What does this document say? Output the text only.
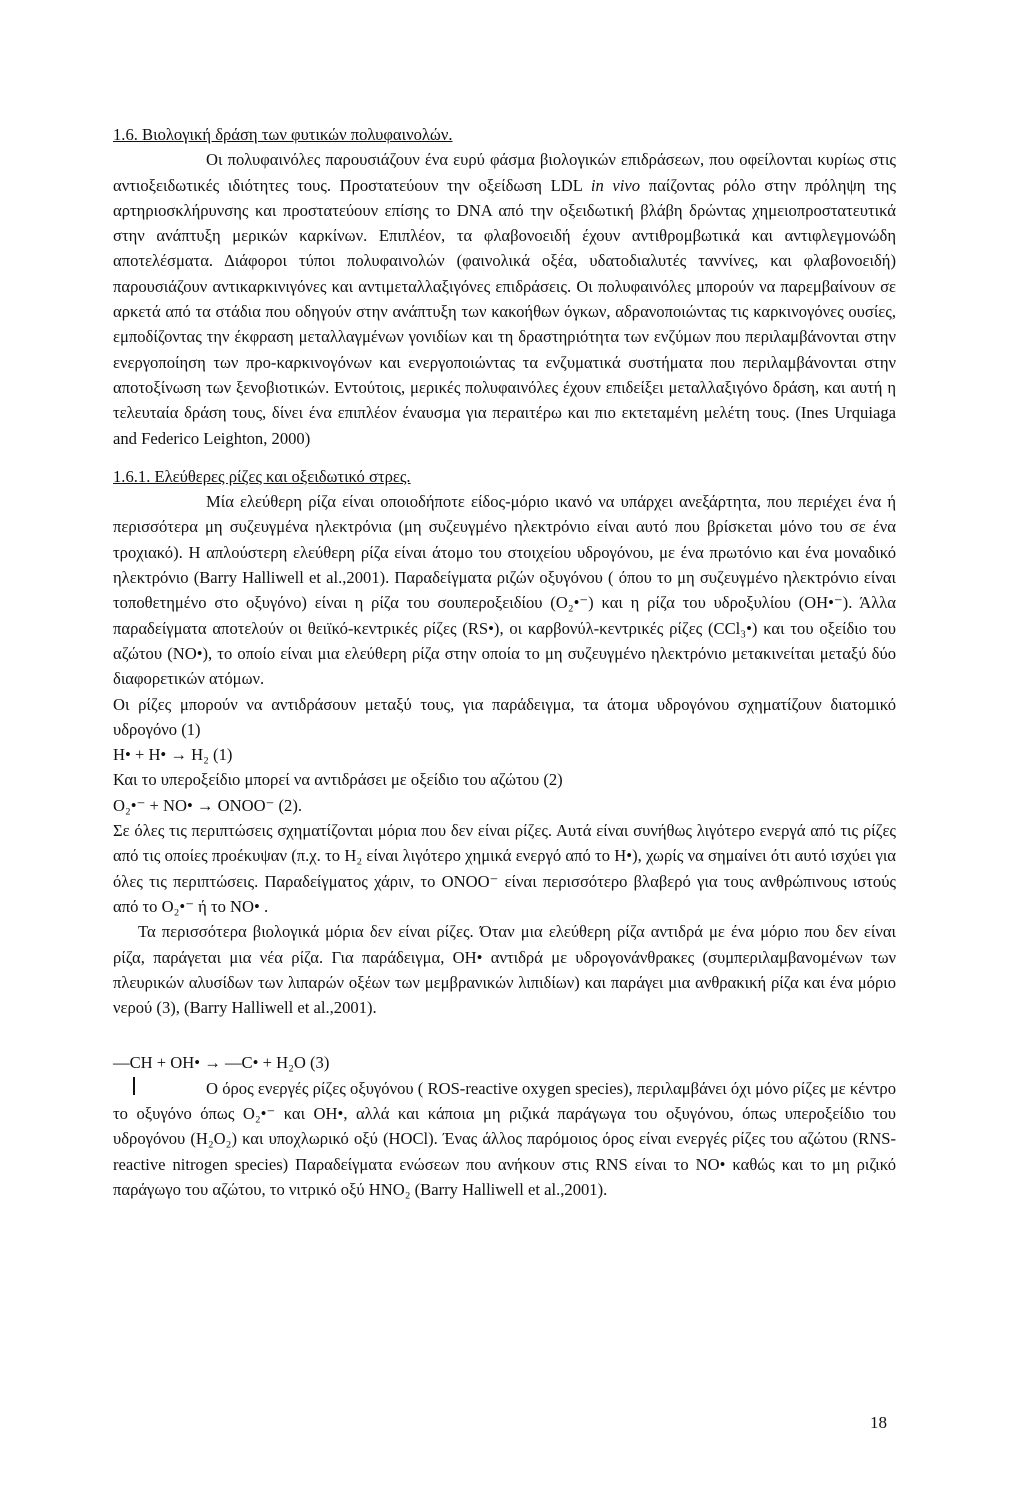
1.6. Βιολογική δράση των φυτικών πολυφαινολών.

Οι πολυφαινόλες παρουσιάζουν ένα ευρύ φάσμα βιολογικών επιδράσεων, που οφείλονται κυρίως στις αντιοξειδωτικές ιδιότητες τους. Προστατεύουν την οξείδωση LDL in vivo παίζοντας ρόλο στην πρόληψη της αρτηριοσκλήρυνσης και προστατεύουν επίσης το DNA από την οξειδωτική βλάβη δρώντας χημειοπροστατευτικά στην ανάπτυξη μερικών καρκίνων. Επιπλέον, τα φλαβονοειδή έχουν αντιθρομβωτικά και αντιφλεγμονώδη αποτελέσματα. Διάφοροι τύποι πολυφαινολών (φαινολικά οξέα, υδατοδιαλυτές ταννίνες, και φλαβονοειδή) παρουσιάζουν αντικαρκινιγόνες και αντιμεταλλαξιγόνες επιδράσεις. Οι πολυφαινόλες μπορούν να παρεμβαίνουν σε αρκετά από τα στάδια που οδηγούν στην ανάπτυξη των κακοήθων όγκων, αδρανοποιώντας τις καρκινογόνες ουσίες, εμποδίζοντας την έκφραση μεταλλαγμένων γονιδίων και τη δραστηριότητα των ενζύμων που περιλαμβάνονται στην ενεργοποίηση των προ-καρκινογόνων και ενεργοποιώντας τα ενζυματικά συστήματα που περιλαμβάνονται στην αποτοξίνωση των ξενοβιοτικών. Εντούτοις, μερικές πολυφαινόλες έχουν επιδείξει μεταλλαξιγόνο δράση, και αυτή η τελευταία δράση τους, δίνει ένα επιπλέον έναυσμα για περαιτέρω και πιο εκτεταμένη μελέτη τους. (Ines Urquiaga and Federico Leighton, 2000)

1.6.1. Ελεύθερες ρίζες και οξειδωτικό στρες.

Μία ελεύθερη ρίζα είναι οποιοδήποτε είδος-μόριο ικανό να υπάρχει ανεξάρτητα, που περιέχει ένα ή περισσότερα μη συζευγμένα ηλεκτρόνια (μη συζευγμένο ηλεκτρόνιο είναι αυτό που βρίσκεται μόνο του σε ένα τροχιακό). Η απλούστερη ελεύθερη ρίζα είναι άτομο του στοιχείου υδρογόνου, με ένα πρωτόνιο και ένα μοναδικό ηλεκτρόνιο (Barry Halliwell et al.,2001). Παραδείγματα ριζών οξυγόνου ( όπου το μη συζευγμένο ηλεκτρόνιο είναι τοποθετημένο στο οξυγόνο) είναι η ρίζα του σουπεροξειδίου (O₂•⁻) και η ρίζα του υδροξυλίου (OH•⁻). Άλλα παραδείγματα αποτελούν οι θειϊκό-κεντρικές ρίζες (RS•), οι καρβονύλ-κεντρικές ρίζες (CCl₃•) και του οξείδιο του αζώτου (NO•), το οποίο είναι μια ελεύθερη ρίζα στην οποία το μη συζευγμένο ηλεκτρόνιο μετακινείται μεταξύ δύο διαφορετικών ατόμων.

Οι ρίζες μπορούν να αντιδράσουν μεταξύ τους, για παράδειγμα, τα άτομα υδρογόνου σχηματίζουν διατομικό υδρογόνο (1)

H• + H• → H₂ (1)

Και το υπεροξείδιο μπορεί να αντιδράσει με οξείδιο του αζώτου (2)

O₂•⁻ + NO• → ONOO⁻ (2).

Σε όλες τις περιπτώσεις σχηματίζονται μόρια που δεν είναι ρίζες. Αυτά είναι συνήθως λιγότερο ενεργά από τις ρίζες από τις οποίες προέκυψαν (π.χ. το H₂ είναι λιγότερο χημικά ενεργό από το H•), χωρίς να σημαίνει ότι αυτό ισχύει για όλες τις περιπτώσεις. Παραδείγματος χάριν, το ONOO⁻ είναι περισσότερο βλαβερό για τους ανθρώπινους ιστούς από το O₂•⁻ ή το NO• .

Τα περισσότερα βιολογικά μόρια δεν είναι ρίζες. Όταν μια ελεύθερη ρίζα αντιδρά με ένα μόριο που δεν είναι ρίζα, παράγεται μια νέα ρίζα. Για παράδειγμα, OH• αντιδρά με υδρογονάνθρακες (συμπεριλαμβανομένων των πλευρικών αλυσίδων των λιπαρών οξέων των μεμβρανικών λιπιδίων) και παράγει μια ανθρακική ρίζα και ένα μόριο νερού (3), (Barry Halliwell et al.,2001).

—CH + OH• → —C• + H₂O (3)

Ο όρος ενεργές ρίζες οξυγόνου ( ROS-reactive oxygen species), περιλαμβάνει όχι μόνο ρίζες με κέντρο το οξυγόνο όπως O₂•⁻ και OH•, αλλά και κάποια μη ριζικά παράγωγα του οξυγόνου, όπως υπεροξείδιο του υδρογόνου (H₂O₂) και υποχλωρικό οξύ (HOCl). Ένας άλλος παρόμοιος όρος είναι ενεργές ρίζες του αζώτου (RNS-reactive nitrogen species) Παραδείγματα ενώσεων που ανήκουν στις RNS είναι το NO• καθώς και το μη ριζικό παράγωγο του αζώτου, το νιτρικό οξύ HNO₂ (Barry Halliwell et al.,2001).

18
